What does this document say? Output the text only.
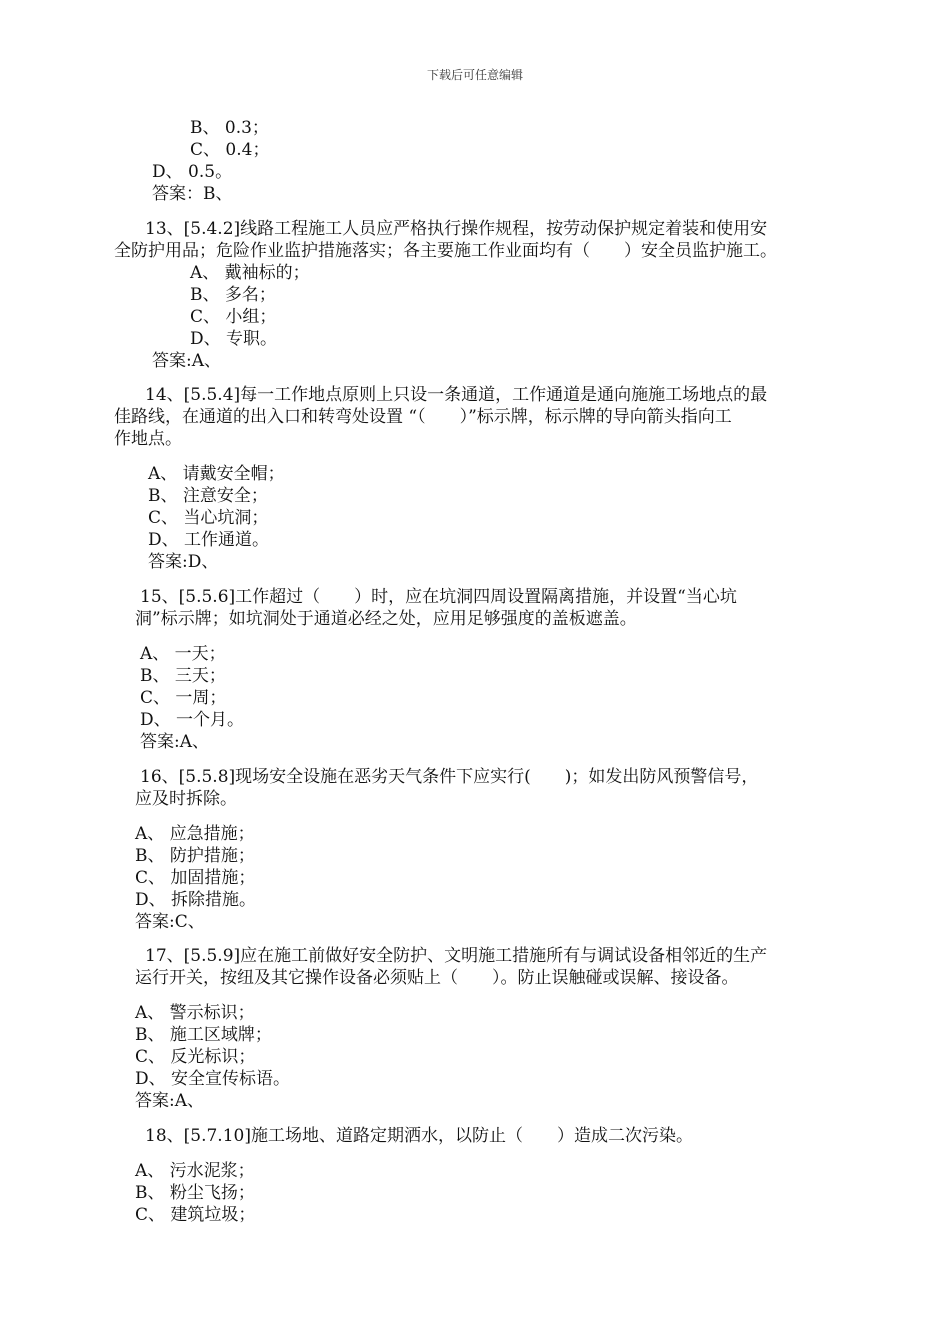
下载后可任意编辑
B、 0.3；
C、 0.4；
D、 0.5。
答案：B、
13、[5.4.2]线路工程施工人员应严格执行操作规程，按劳动保护规定着装和使用安
全防护用品；危险作业监护措施落实；各主要施工作业面均有（　　）安全员监护施工。
A、 戴袖标的；
B、 多名；
C、 小组；
D、 专职。
答案:A、
14、[5.5.4]每一工作地点原则上只设一条通道，工作通道是通向施施工场地点的最
佳路线，在通道的出入口和转弯处设置 “（　　）”标示牌，标示牌的导向箭头指向工
作地点。
A、 请戴安全帽；
B、 注意安全；
C、 当心坑洞；
D、 工作通道。
答案:D、
15、[5.5.6]工作超过（　　）时，应在坑洞四周设置隔离措施，并设置“当心坑
洞”标示牌；如坑洞处于通道必经之处，应用足够强度的盖板遮盖。
A、 一天；
B、 三天；
C、 一周；
D、 一个月。
答案:A、
16、[5.5.8]现场安全设施在恶劣天气条件下应实行(　　)；如发出防风预警信号，
应及时拆除。
A、 应急措施；
B、 防护措施；
C、 加固措施；
D、 拆除措施。
答案:C、
17、[5.5.9]应在施工前做好安全防护、文明施工措施所有与调试设备相邻近的生产
运行开关，按纽及其它操作设备必须贴上（　　）。防止误触碰或误解、接设备。
A、 警示标识；
B、 施工区域牌；
C、 反光标识；
D、 安全宣传标语。
答案:A、
18、[5.7.10]施工场地、道路定期洒水，以防止（　　）造成二次污染。
A、 污水泥浆；
B、 粉尘飞扬；
C、 建筑垃圾；
